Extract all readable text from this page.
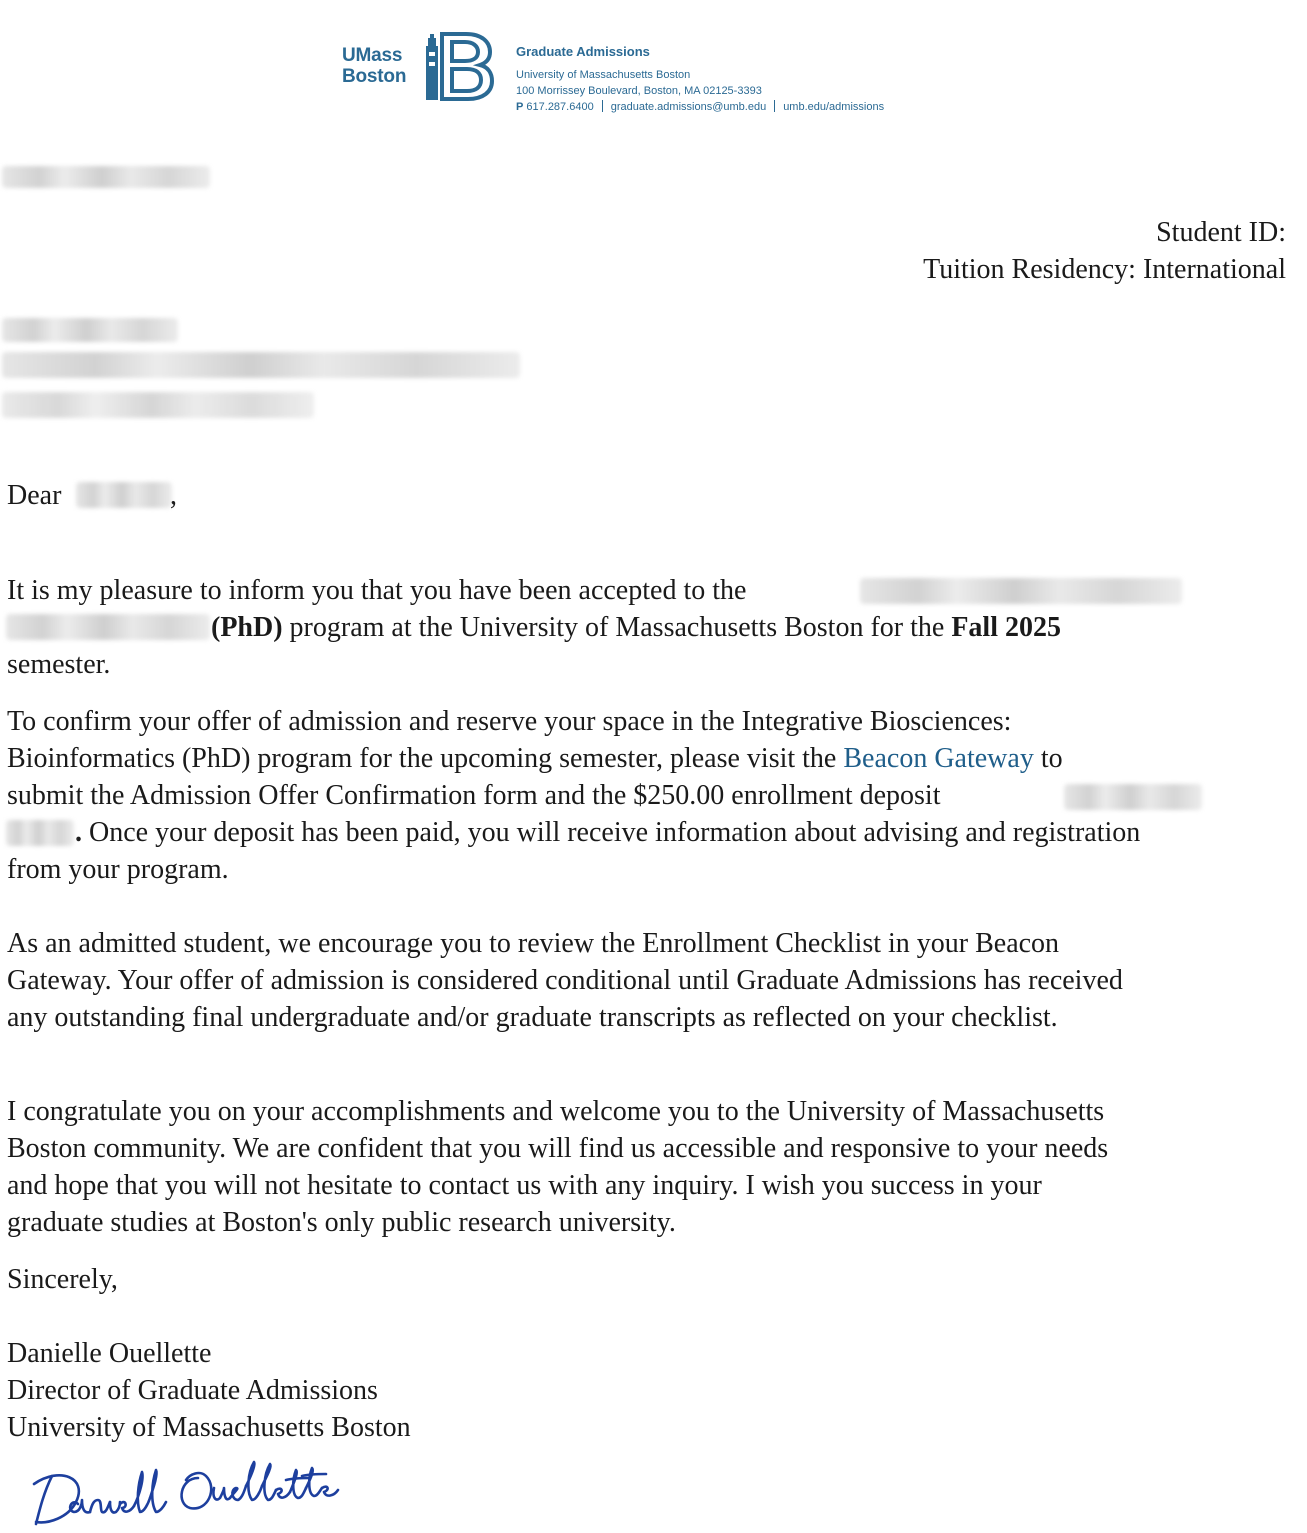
UMass
Boston
Graduate Admissions
University of Massachusetts Boston
100 Morrissey Boulevard, Boston, MA 02125-3393
P 617.287.6400 graduate.admissions@umb.edu umb.edu/admissions
Student ID:
Tuition Residency: International
Dear	,
It is my pleasure to inform you that you have been accepted to the
(PhD) program at the University of Massachusetts Boston for the Fall 2025
semester.
To confirm your offer of admission and reserve your space in the Integrative Biosciences:
Bioinformatics (PhD) program for the upcoming semester, please visit the Beacon Gateway to
submit the Admission Offer Confirmation form and the $250.00 enrollment deposit
. Once your deposit has been paid, you will receive information about advising and registration
from your program.
As an admitted student, we encourage you to review the Enrollment Checklist in your Beacon
Gateway. Your offer of admission is considered conditional until Graduate Admissions has received
any outstanding final undergraduate and/or graduate transcripts as reflected on your checklist.
I congratulate you on your accomplishments and welcome you to the University of Massachusetts
Boston community. We are confident that you will find us accessible and responsive to your needs
and hope that you will not hesitate to contact us with any inquiry. I wish you success in your
graduate studies at Boston's only public research university.
Sincerely,
Danielle Ouellette
Director of Graduate Admissions
University of Massachusetts Boston
